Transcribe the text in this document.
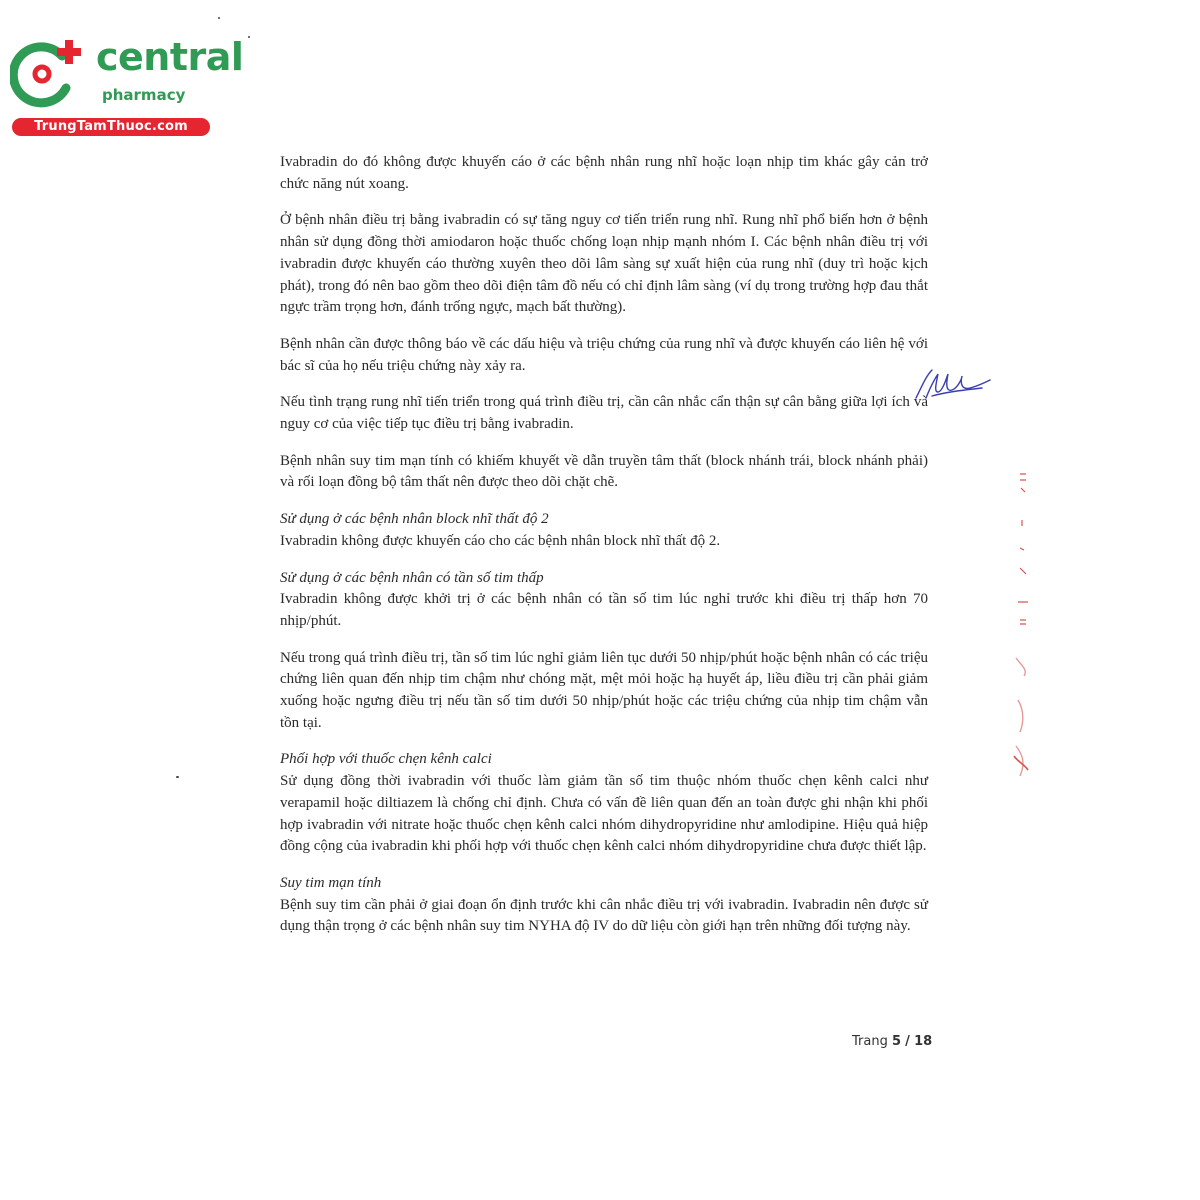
central
pharmacy
TrungTamThuoc.com

Ivabradin do đó không được khuyến cáo ở các bệnh nhân rung nhĩ hoặc loạn nhịp tim khác gây cản trở chức năng nút xoang.

Ở bệnh nhân điều trị bằng ivabradin có sự tăng nguy cơ tiến triển rung nhĩ. Rung nhĩ phổ biến hơn ở bệnh nhân sử dụng đồng thời amiodaron hoặc thuốc chống loạn nhịp mạnh nhóm I. Các bệnh nhân điều trị với ivabradin được khuyến cáo thường xuyên theo dõi lâm sàng sự xuất hiện của rung nhĩ (duy trì hoặc kịch phát), trong đó nên bao gồm theo dõi điện tâm đồ nếu có chỉ định lâm sàng (ví dụ trong trường hợp đau thắt ngực trầm trọng hơn, đánh trống ngực, mạch bất thường).

Bệnh nhân cần được thông báo về các dấu hiệu và triệu chứng của rung nhĩ và được khuyến cáo liên hệ với bác sĩ của họ nếu triệu chứng này xảy ra.

Nếu tình trạng rung nhĩ tiến triển trong quá trình điều trị, cần cân nhắc cẩn thận sự cân bằng giữa lợi ích và nguy cơ của việc tiếp tục điều trị bằng ivabradin.

Bệnh nhân suy tim mạn tính có khiếm khuyết về dẫn truyền tâm thất (block nhánh trái, block nhánh phải) và rối loạn đồng bộ tâm thất nên được theo dõi chặt chẽ.

Sử dụng ở các bệnh nhân block nhĩ thất độ 2

Ivabradin không được khuyến cáo cho các bệnh nhân block nhĩ thất độ 2.

Sử dụng ở các bệnh nhân có tần số tim thấp

Ivabradin không được khởi trị ở các bệnh nhân có tần số tim lúc nghỉ trước khi điều trị thấp hơn 70 nhịp/phút.

Nếu trong quá trình điều trị, tần số tim lúc nghỉ giảm liên tục dưới 50 nhịp/phút hoặc bệnh nhân có các triệu chứng liên quan đến nhịp tim chậm như chóng mặt, mệt mỏi hoặc hạ huyết áp, liều điều trị cần phải giảm xuống hoặc ngưng điều trị nếu tần số tim dưới 50 nhịp/phút hoặc các triệu chứng của nhịp tim chậm vẫn tồn tại.

Phối hợp với thuốc chẹn kênh calci

Sử dụng đồng thời ivabradin với thuốc làm giảm tần số tim thuộc nhóm thuốc chẹn kênh calci như verapamil hoặc diltiazem là chống chỉ định. Chưa có vấn đề liên quan đến an toàn được ghi nhận khi phối hợp ivabradin với nitrate hoặc thuốc chẹn kênh calci nhóm dihydropyridine như amlodipine. Hiệu quả hiệp đồng cộng của ivabradin khi phối hợp với thuốc chẹn kênh calci nhóm dihydropyridine chưa được thiết lập.

Suy tim mạn tính

Bệnh suy tim cần phải ở giai đoạn ổn định trước khi cân nhắc điều trị với ivabradin. Ivabradin nên được sử dụng thận trọng ở các bệnh nhân suy tim NYHA độ IV do dữ liệu còn giới hạn trên những đối tượng này.

Trang 5 / 18
